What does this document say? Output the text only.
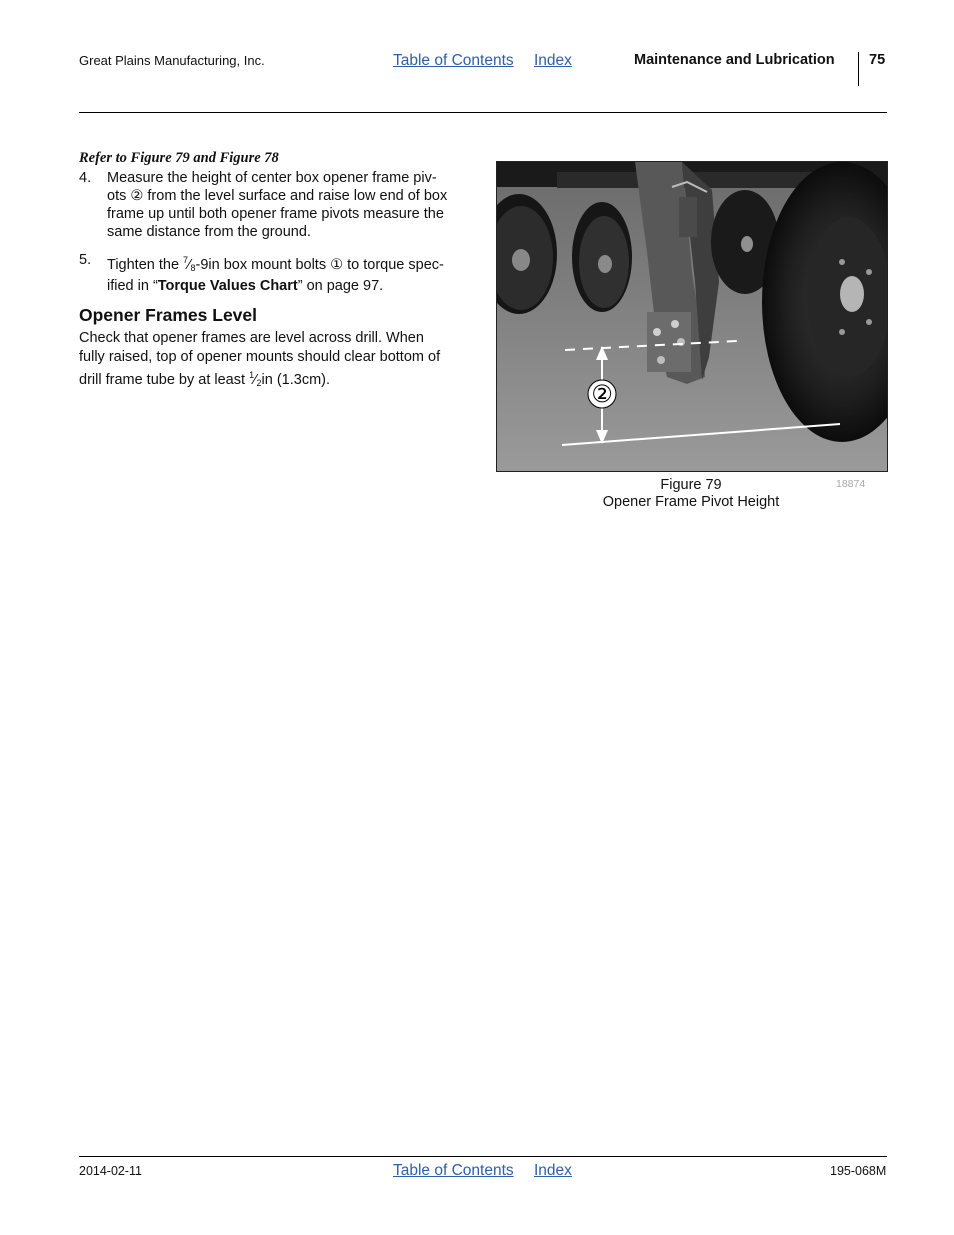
Great Plains Manufacturing, Inc.	Table of Contents Index	Maintenance and Lubrication 75
Refer to Figure 79 and Figure 78
4. Measure the height of center box opener frame piv-
ots ② from the level surface and raise low end of box
frame up until both opener frame pivots measure the
same distance from the ground.
5. Tighten the $^7⁄_8-9in$ box mount bolts ① to torque spec-
ified in “Torque Values Chart” on page 97.
Opener Frames Level
Check that opener frames are level across drill. When
fully raised, top of opener mounts should clear bottom of
drill frame tube by at least $^1⁄_2in$ (1.3cm).	②
Figure 79
Opener Frame Pivot Height
18874
2014-02-11	Table of Contents Index	195-068M
